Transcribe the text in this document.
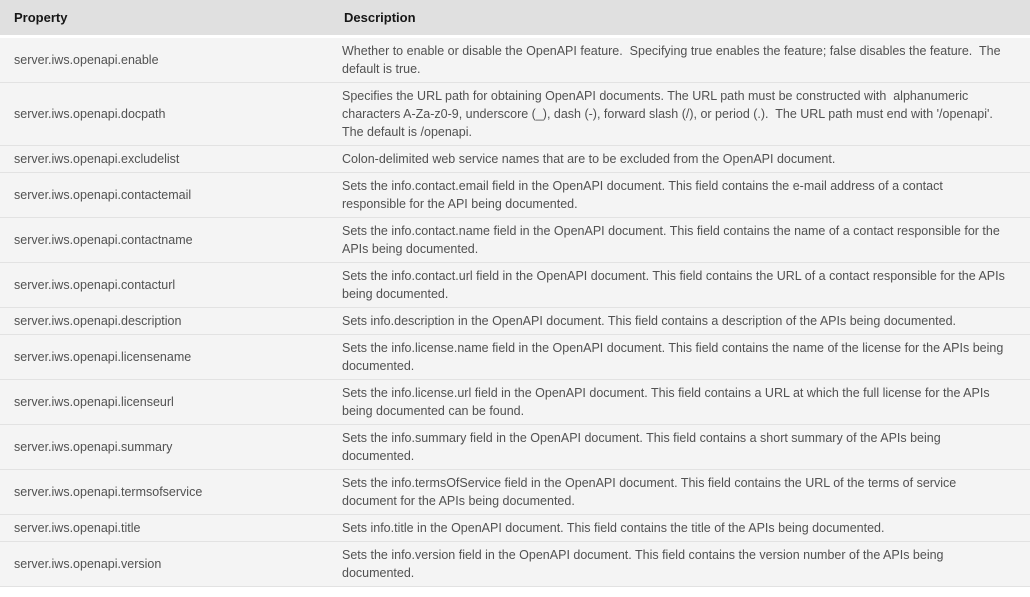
Property	Description
server.iws.openapi.enable	Whether to enable or disable the OpenAPI feature.  Specifying true enables the feature; false disables the feature.  The default is true.
server.iws.openapi.docpath	Specifies the URL path for obtaining OpenAPI documents. The URL path must be constructed with  alphanumeric characters A-Za-z0-9, underscore (_), dash (-), forward slash (/), or period (.).  The URL path must end with '/openapi'. The default is /openapi.
server.iws.openapi.excludelist	Colon-delimited web service names that are to be excluded from the OpenAPI document.
server.iws.openapi.contactemail	Sets the info.contact.email field in the OpenAPI document. This field contains the e-mail address of a contact responsible for the API being documented.
server.iws.openapi.contactname	Sets the info.contact.name field in the OpenAPI document. This field contains the name of a contact responsible for the APIs being documented.
server.iws.openapi.contacturl	Sets the info.contact.url field in the OpenAPI document. This field contains the URL of a contact responsible for the APIs being documented.
server.iws.openapi.description	Sets info.description in the OpenAPI document. This field contains a description of the APIs being documented.
server.iws.openapi.licensename	Sets the info.license.name field in the OpenAPI document. This field contains the name of the license for the APIs being documented.
server.iws.openapi.licenseurl	Sets the info.license.url field in the OpenAPI document. This field contains a URL at which the full license for the APIs being documented can be found.
server.iws.openapi.summary	Sets the info.summary field in the OpenAPI document. This field contains a short summary of the APIs being documented.
server.iws.openapi.termsofservice	Sets the info.termsOfService field in the OpenAPI document. This field contains the URL of the terms of service document for the APIs being documented.
server.iws.openapi.title	Sets info.title in the OpenAPI document. This field contains the title of the APIs being documented.
server.iws.openapi.version	Sets the info.version field in the OpenAPI document. This field contains the version number of the APIs being documented.
